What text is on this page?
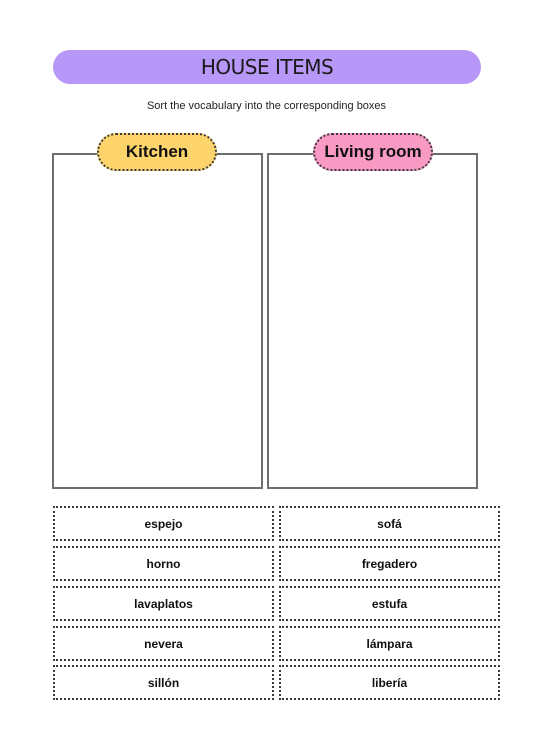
HOUSE ITEMS
Sort the vocabulary into the corresponding boxes
Kitchen	Living room
espejo	sofá
horno	fregadero
lavaplatos	estufa
nevera	lámpara
sillón	libería
